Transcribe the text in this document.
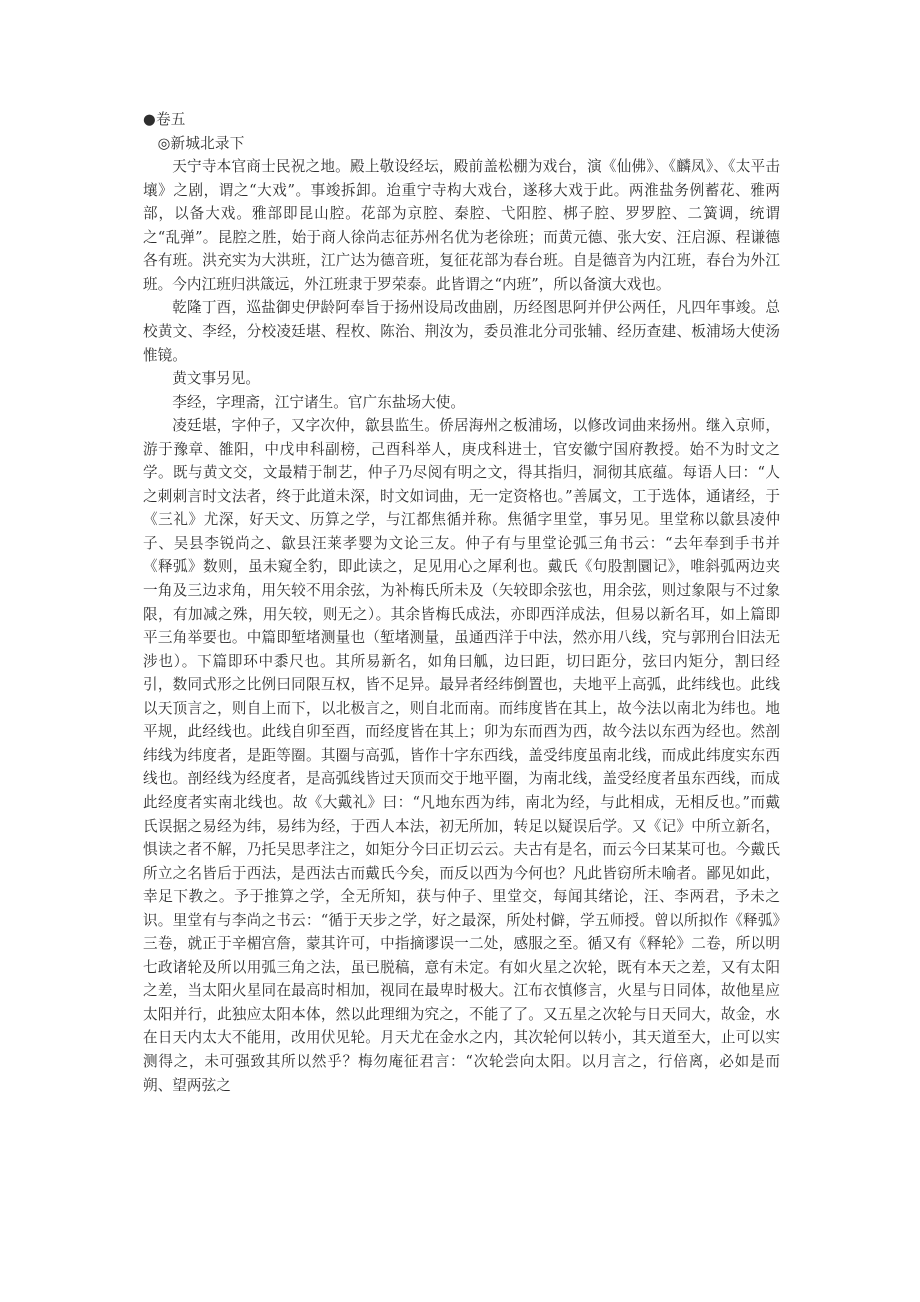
●卷五
◎新城北录下

天宁寺本官商士民祝之地。殿上敬设经坛，殿前盖松棚为戏台，演《仙佛》、《麟凤》、《太平击壤》之剧，谓之“大戏”。事竣拆卸。迨重宁寺构大戏台，遂移大戏于此。两淮盐务例蓄花、雅两部，以备大戏。雅部即昆山腔。花部为京腔、秦腔、弋阳腔、梆子腔、罗罗腔、二簧调，统谓之“乱弹”。昆腔之胜，始于商人徐尚志征苏州名优为老徐班；而黄元德、张大安、汪启源、程谦德各有班。洪充实为大洪班，江广达为德音班，复征花部为春台班。自是德音为内江班，春台为外江班。今内江班归洪箴远，外江班隶于罗荣泰。此皆谓之“内班”，所以备演大戏也。

乾隆丁酉，巡盐御史伊龄阿奉旨于扬州设局改曲剧，历经图思阿并伊公两任，凡四年事竣。总校黄文、李经，分校凌廷堪、程枚、陈治、荆汝为，委员淮北分司张辅、经历查建、板浦场大使汤惟镜。

黄文事另见。

李经，字理斋，江宁诸生。官广东盐场大使。

凌廷堪，字仲子，又字次仲，歙县监生。侨居海州之板浦场，以修改词曲来扬州。继入京师，游于豫章、雒阳，中戊申科副榜，己酉科举人，庚戌科进士，官安徽宁国府教授。始不为时文之学。既与黄文交，文最精于制艺，仲子乃尽阅有明之文，得其指归，洞彻其底蕴。每语人曰：“人之刺刺言时文法者，终于此道未深，时文如词曲，无一定资格也。”善属文，工于选体，通诸经，于《三礼》尤深，好天文、历算之学，与江都焦循并称。焦循字里堂，事另见。里堂称以歙县凌仲子、吴县李锐尚之、歙县汪莱孝婴为文论三友。仲子有与里堂论弧三角书云：“去年奉到手书并《释弧》数则，虽未窥全豹，即此读之，足见用心之犀利也。戴氏《句股割圜记》，唯斜弧两边夹一角及三边求角，用矢较不用余弦，为补梅氏所未及（矢较即余弦也，用余弦，则过象限与不过象限，有加减之殊，用矢较，则无之）。其余皆梅氏成法，亦即西洋成法，但易以新名耳，如上篇即平三角举要也。中篇即堑堵测量也（堑堵测量，虽通西洋于中法，然亦用八线，究与郭刑台旧法无涉也）。下篇即环中黍尺也。其所易新名，如角曰觚，边曰距，切曰距分，弦曰内矩分，割曰经引，数同式形之比例曰同限互权，皆不足异。最异者经纬倒置也，夫地平上高弧，此纬线也。此线以天顶言之，则自上而下，以北极言之，则自北而南。而纬度皆在其上，故今法以南北为纬也。地平规，此经线也。此线自卯至酉，而经度皆在其上；卯为东而酉为西，故今法以东西为经也。然剖纬线为纬度者，是距等圈。其圈与高弧，皆作十字东西线，盖受纬度虽南北线，而成此纬度实东西线也。剖经线为经度者，是高弧线皆过天顶而交于地平圈，为南北线，盖受经度者虽东西线，而成此经度者实南北线也。故《大戴礼》曰：“凡地东西为纬，南北为经，与此相成，无相反也。”而戴氏误据之易经为纬，易纬为经，于西人本法，初无所加，转足以疑误后学。又《记》中所立新名，惧读之者不解，乃托吴思孝注之，如矩分今曰正切云云。夫古有是名，而云今曰某某可也。今戴氏所立之名皆后于西法，是西法古而戴氏今矣，而反以西为今何也？凡此皆窃所未喻者。鄙见如此，幸足下教之。予于推算之学，全无所知，获与仲子、里堂交，每闻其绪论，汪、李两君，予未之识。里堂有与李尚之书云：“循于天步之学，好之最深，所处村僻，学五师授。曾以所拟作《释弧》三卷，就正于辛楣宫詹，蒙其许可，中指摘谬误一二处，感服之至。循又有《释轮》二卷，所以明七政诸轮及所以用弧三角之法，虽已脱稿，意有未定。有如火星之次轮，既有本天之差，又有太阳之差，当太阳火星同在最高时相加，视同在最卑时极大。江布衣慎修言，火星与日同体，故他星应太阳并行，此独应太阳本体，然以此理细为究之，不能了了。又五星之次轮与日天同大，故金，水在日天内太大不能用，改用伏见轮。月天尤在金水之内，其次轮何以转小，其天道至大，止可以实测得之，未可强致其所以然乎？梅勿庵征君言：“次轮尝向太阳。以月言之，行倍离，必如是而朔、望两弦之
